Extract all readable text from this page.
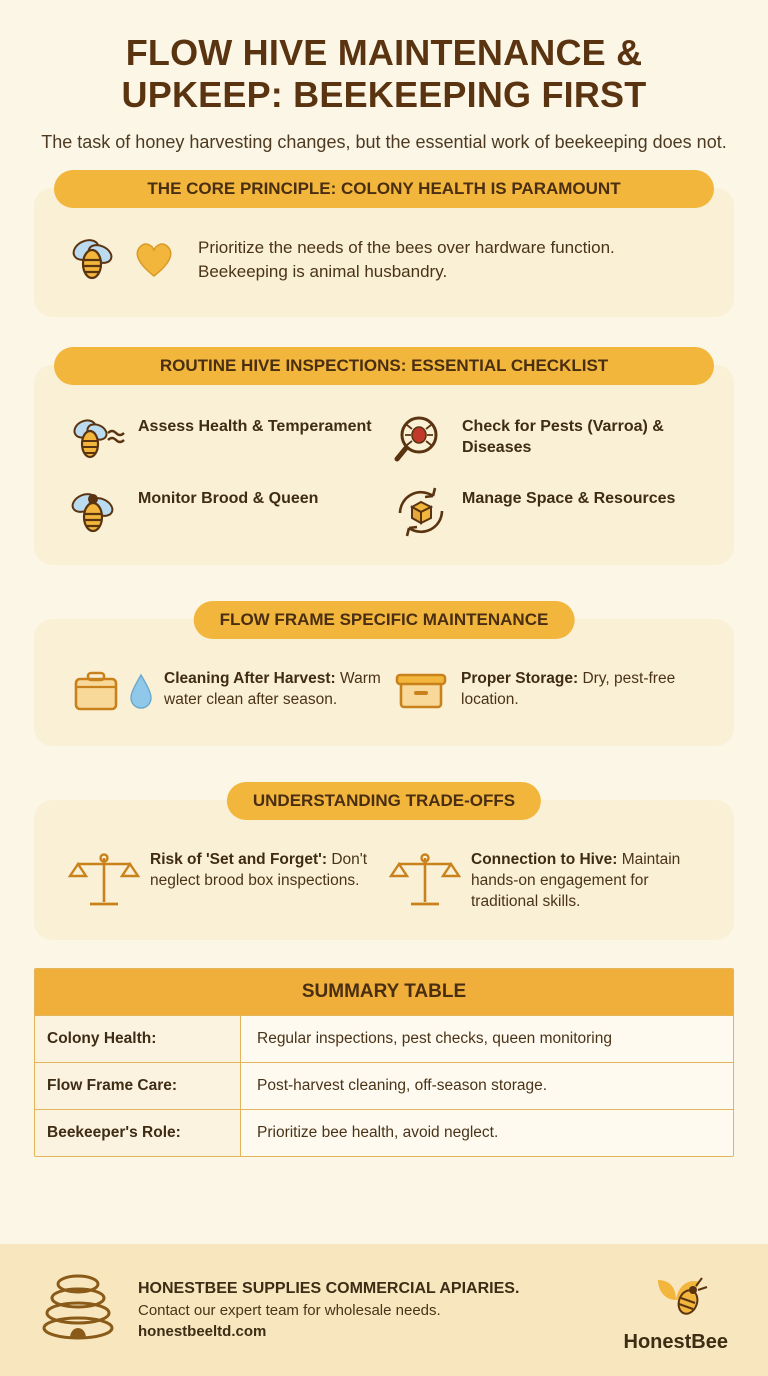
FLOW HIVE MAINTENANCE & UPKEEP: BEEKEEPING FIRST
The task of honey harvesting changes, but the essential work of beekeeping does not.
THE CORE PRINCIPLE: COLONY HEALTH IS PARAMOUNT
Prioritize the needs of the bees over hardware function. Beekeeping is animal husbandry.
ROUTINE HIVE INSPECTIONS: ESSENTIAL CHECKLIST
Assess Health & Temperament	Check for Pests (Varroa) & Diseases
Monitor Brood & Queen	Manage Space & Resources
FLOW FRAME SPECIFIC MAINTENANCE
Cleaning After Harvest: Warm water clean after season.
Proper Storage: Dry, pest-free location.
UNDERSTANDING TRADE-OFFS
Risk of 'Set and Forget': Don't neglect brood box inspections.
Connection to Hive: Maintain hands-on engagement for traditional skills.
SUMMARY TABLE
Colony Health:	Regular inspections, pest checks, queen monitoring
Flow Frame Care:	Post-harvest cleaning, off-season storage.
Beekeeper's Role:	Prioritize bee health, avoid neglect.
HONESTBEE SUPPLIES COMMERCIAL APIARIES.
Contact our expert team for wholesale needs.
honestbeeltd.com	HonestBee
